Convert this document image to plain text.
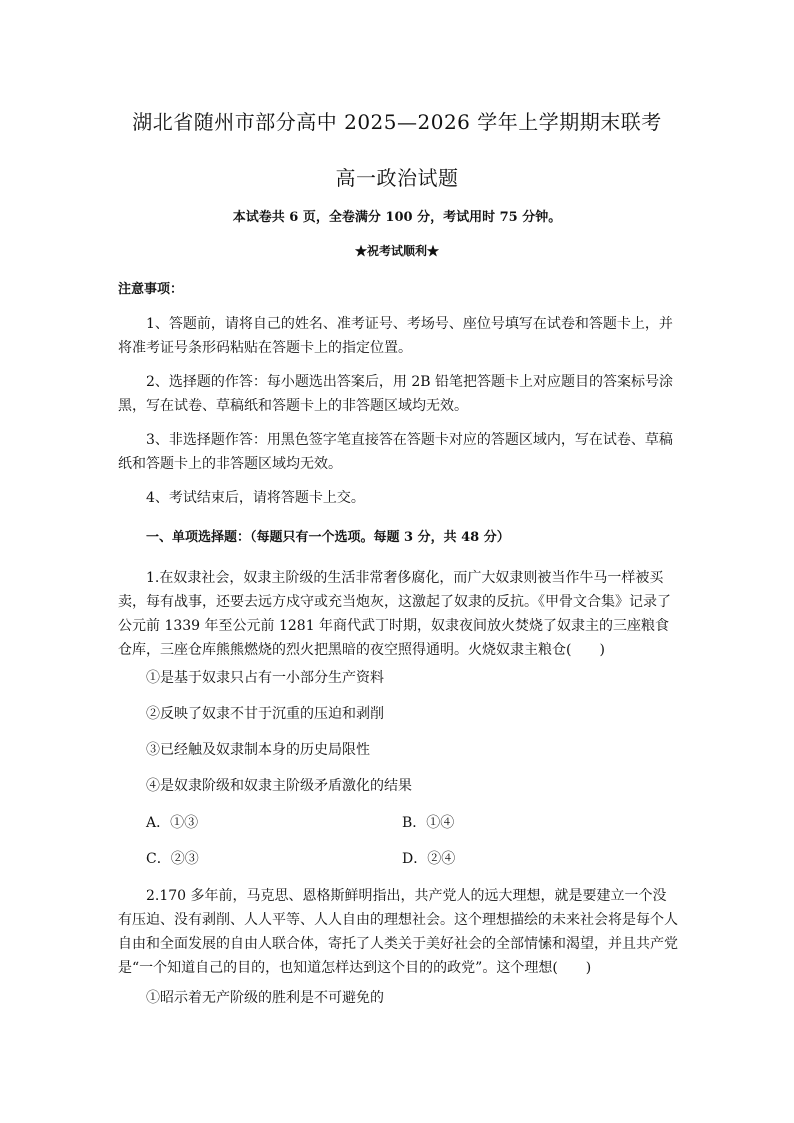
湖北省随州市部分高中 2025—2026 学年上学期期末联考
高一政治试题
本试卷共 6 页，全卷满分 100 分，考试用时 75 分钟。
★祝考试顺利★
注意事项：
1、答题前，请将自己的姓名、准考证号、考场号、座位号填写在试卷和答题卡上，并将准考证号条形码粘贴在答题卡上的指定位置。
2、选择题的作答：每小题选出答案后，用 2B 铅笔把答题卡上对应题目的答案标号涂黑，写在试卷、草稿纸和答题卡上的非答题区域均无效。
3、非选择题作答：用黑色签字笔直接答在答题卡对应的答题区域内，写在试卷、草稿纸和答题卡上的非答题区域均无效。
4、考试结束后，请将答题卡上交。
一、单项选择题：（每题只有一个选项。每题 3 分，共 48 分）
1.在奴隶社会，奴隶主阶级的生活非常奢侈腐化，而广大奴隶则被当作牛马一样被买卖，每有战事，还要去远方戍守或充当炮灰，这激起了奴隶的反抗。《甲骨文合集》记录了公元前 1339 年至公元前 1281 年商代武丁时期，奴隶夜间放火焚烧了奴隶主的三座粮食仓库，三座仓库熊熊燃烧的烈火把黑暗的夜空照得通明。火烧奴隶主粮仓(　　)
①是基于奴隶只占有一小部分生产资料
②反映了奴隶不甘于沉重的压迫和剥削
③已经触及奴隶制本身的历史局限性
④是奴隶阶级和奴隶主阶级矛盾激化的结果
A．①③	B．①④
C．②③	D．②④
2.170 多年前，马克思、恩格斯鲜明指出，共产党人的远大理想，就是要建立一个没有压迫、没有剥削、人人平等、人人自由的理想社会。这个理想描绘的未来社会将是每个人自由和全面发展的自由人联合体，寄托了人类关于美好社会的全部情愫和渴望，并且共产党是“一个知道自己的目的，也知道怎样达到这个目的的政党”。这个理想(　　)
①昭示着无产阶级的胜利是不可避免的
